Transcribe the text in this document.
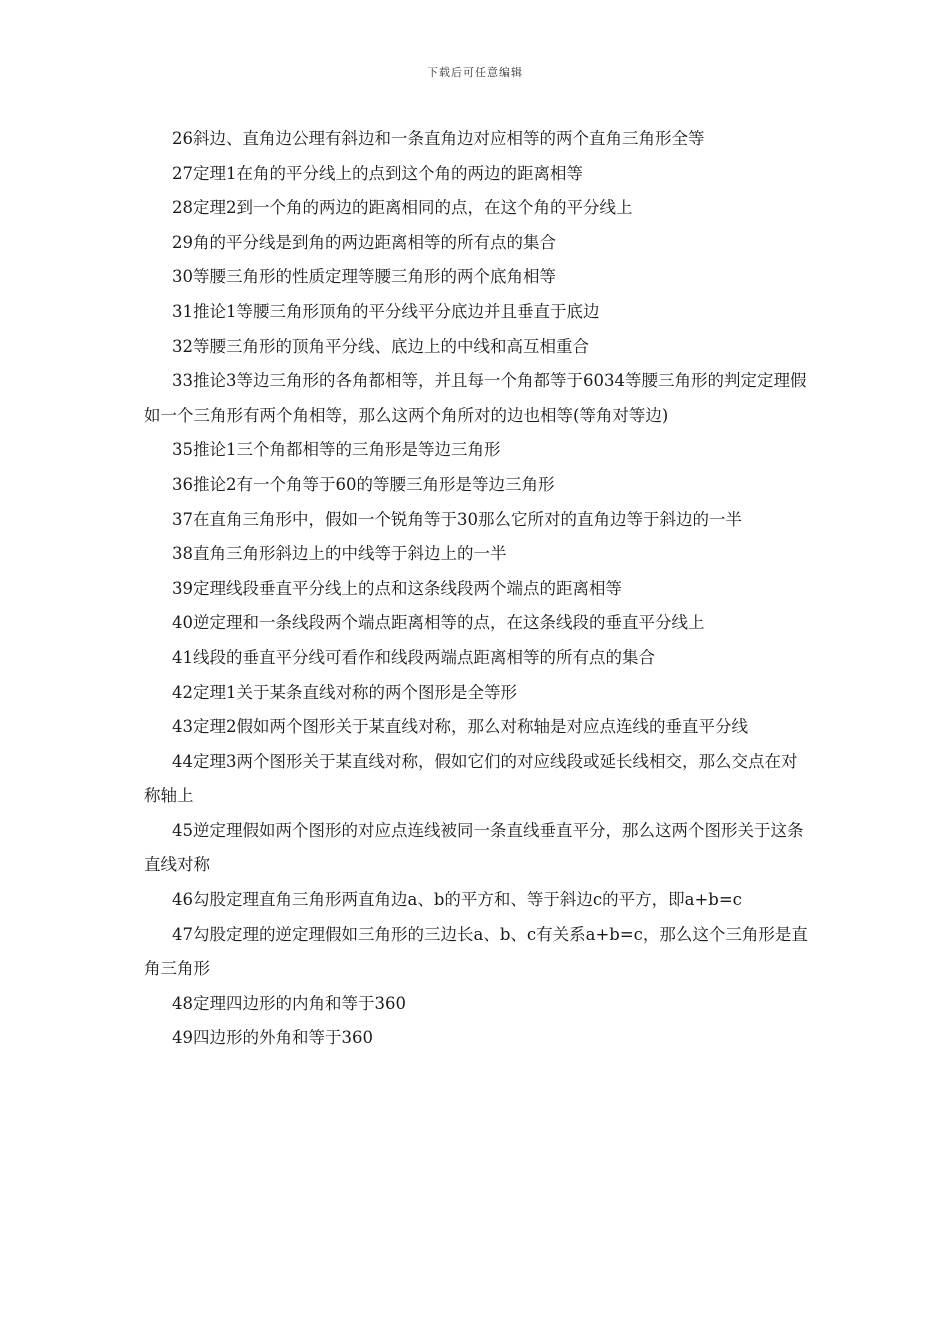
下载后可任意编辑

26斜边、直角边公理有斜边和一条直角边对应相等的两个直角三角形全等

27定理1在角的平分线上的点到这个角的两边的距离相等

28定理2到一个角的两边的距离相同的点，在这个角的平分线上

29角的平分线是到角的两边距离相等的所有点的集合

30等腰三角形的性质定理等腰三角形的两个底角相等

31推论1等腰三角形顶角的平分线平分底边并且垂直于底边

32等腰三角形的顶角平分线、底边上的中线和高互相重合

33推论3等边三角形的各角都相等，并且每一个角都等于6034等腰三角形的判定定理假如一个三角形有两个角相等，那么这两个角所对的边也相等(等角对等边)

35推论1三个角都相等的三角形是等边三角形

36推论2有一个角等于60的等腰三角形是等边三角形

37在直角三角形中，假如一个锐角等于30那么它所对的直角边等于斜边的一半

38直角三角形斜边上的中线等于斜边上的一半

39定理线段垂直平分线上的点和这条线段两个端点的距离相等

40逆定理和一条线段两个端点距离相等的点，在这条线段的垂直平分线上

41线段的垂直平分线可看作和线段两端点距离相等的所有点的集合

42定理1关于某条直线对称的两个图形是全等形

43定理2假如两个图形关于某直线对称，那么对称轴是对应点连线的垂直平分线

44定理3两个图形关于某直线对称，假如它们的对应线段或延长线相交，那么交点在对称轴上

45逆定理假如两个图形的对应点连线被同一条直线垂直平分，那么这两个图形关于这条直线对称

46勾股定理直角三角形两直角边a、b的平方和、等于斜边c的平方，即a+b=c

47勾股定理的逆定理假如三角形的三边长a、b、c有关系a+b=c，那么这个三角形是直角三角形

48定理四边形的内角和等于360

49四边形的外角和等于360
